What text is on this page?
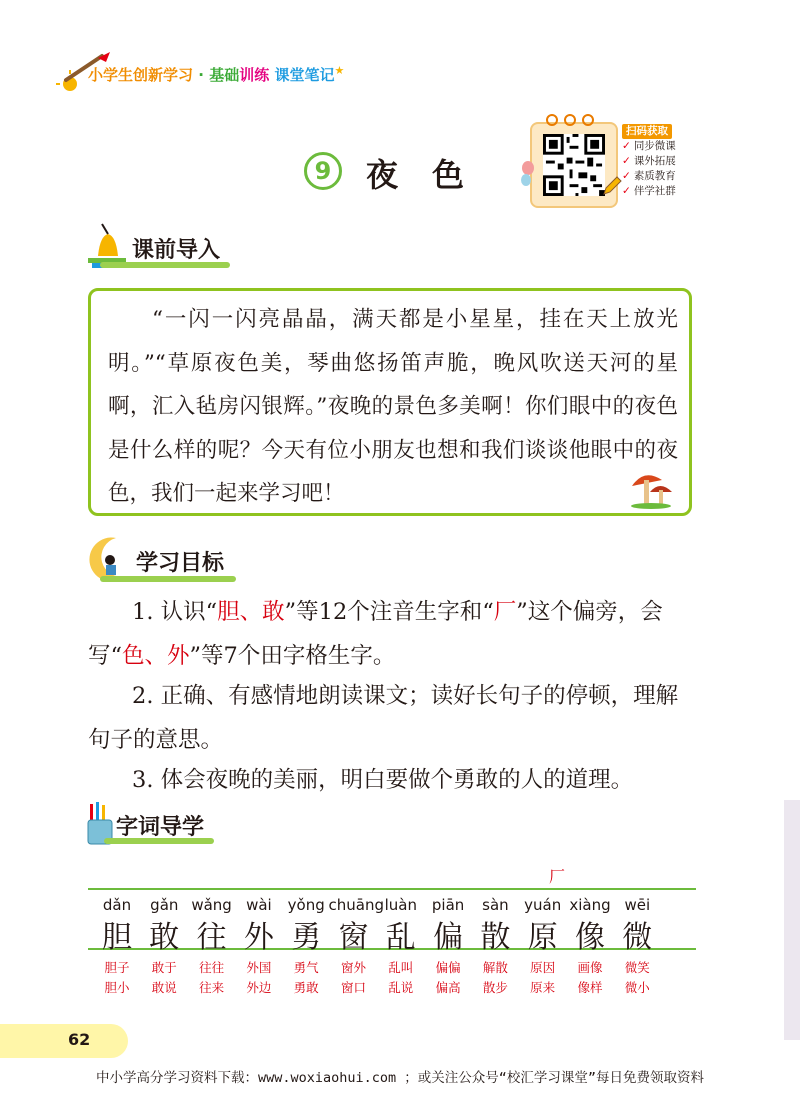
小学生创新学习 · 基础训练 课堂笔记★
9	夜色
扫码获取
✓ 同步微课
✓ 课外拓展
✓ 素质教育
✓ 伴学社群
课前导入
“一闪一闪亮晶晶，满天都是小星星，挂在天上放光明。”“草原夜色美，琴曲悠扬笛声脆，晚风吹送天河的星啊，汇入毡房闪银辉。”夜晚的景色多美啊！你们眼中的夜色是什么样的呢？今天有位小朋友也想和我们谈谈他眼中的夜色，我们一起来学习吧！
学习目标
1. 认识“胆、敢”等12个注音生字和“厂”这个偏旁，会写“色、外”等7个田字格生字。
2. 正确、有感情地朗读课文；读好长句子的停顿，理解句子的意思。
3. 体会夜晚的美丽，明白要做个勇敢的人的道理。
字词导学
厂
dǎn
胆
胆子
胆小
gǎn
敢
敢于
敢说
wǎng
往
往往
往来
wài
外
外国
外边
yǒng
勇
勇气
勇敢
chuāng
窗
窗外
窗口
luàn
乱
乱叫
乱说
piān
偏
偏偏
偏高
sàn
散
解散
散步
yuán
原
原因
原来
xiàng
像
画像
像样
wēi
微
微笑
微小
62
中小学高分学习资料下载：www.woxiaohui.com ；或关注公众号“校汇学习课堂”每日免费领取资料
